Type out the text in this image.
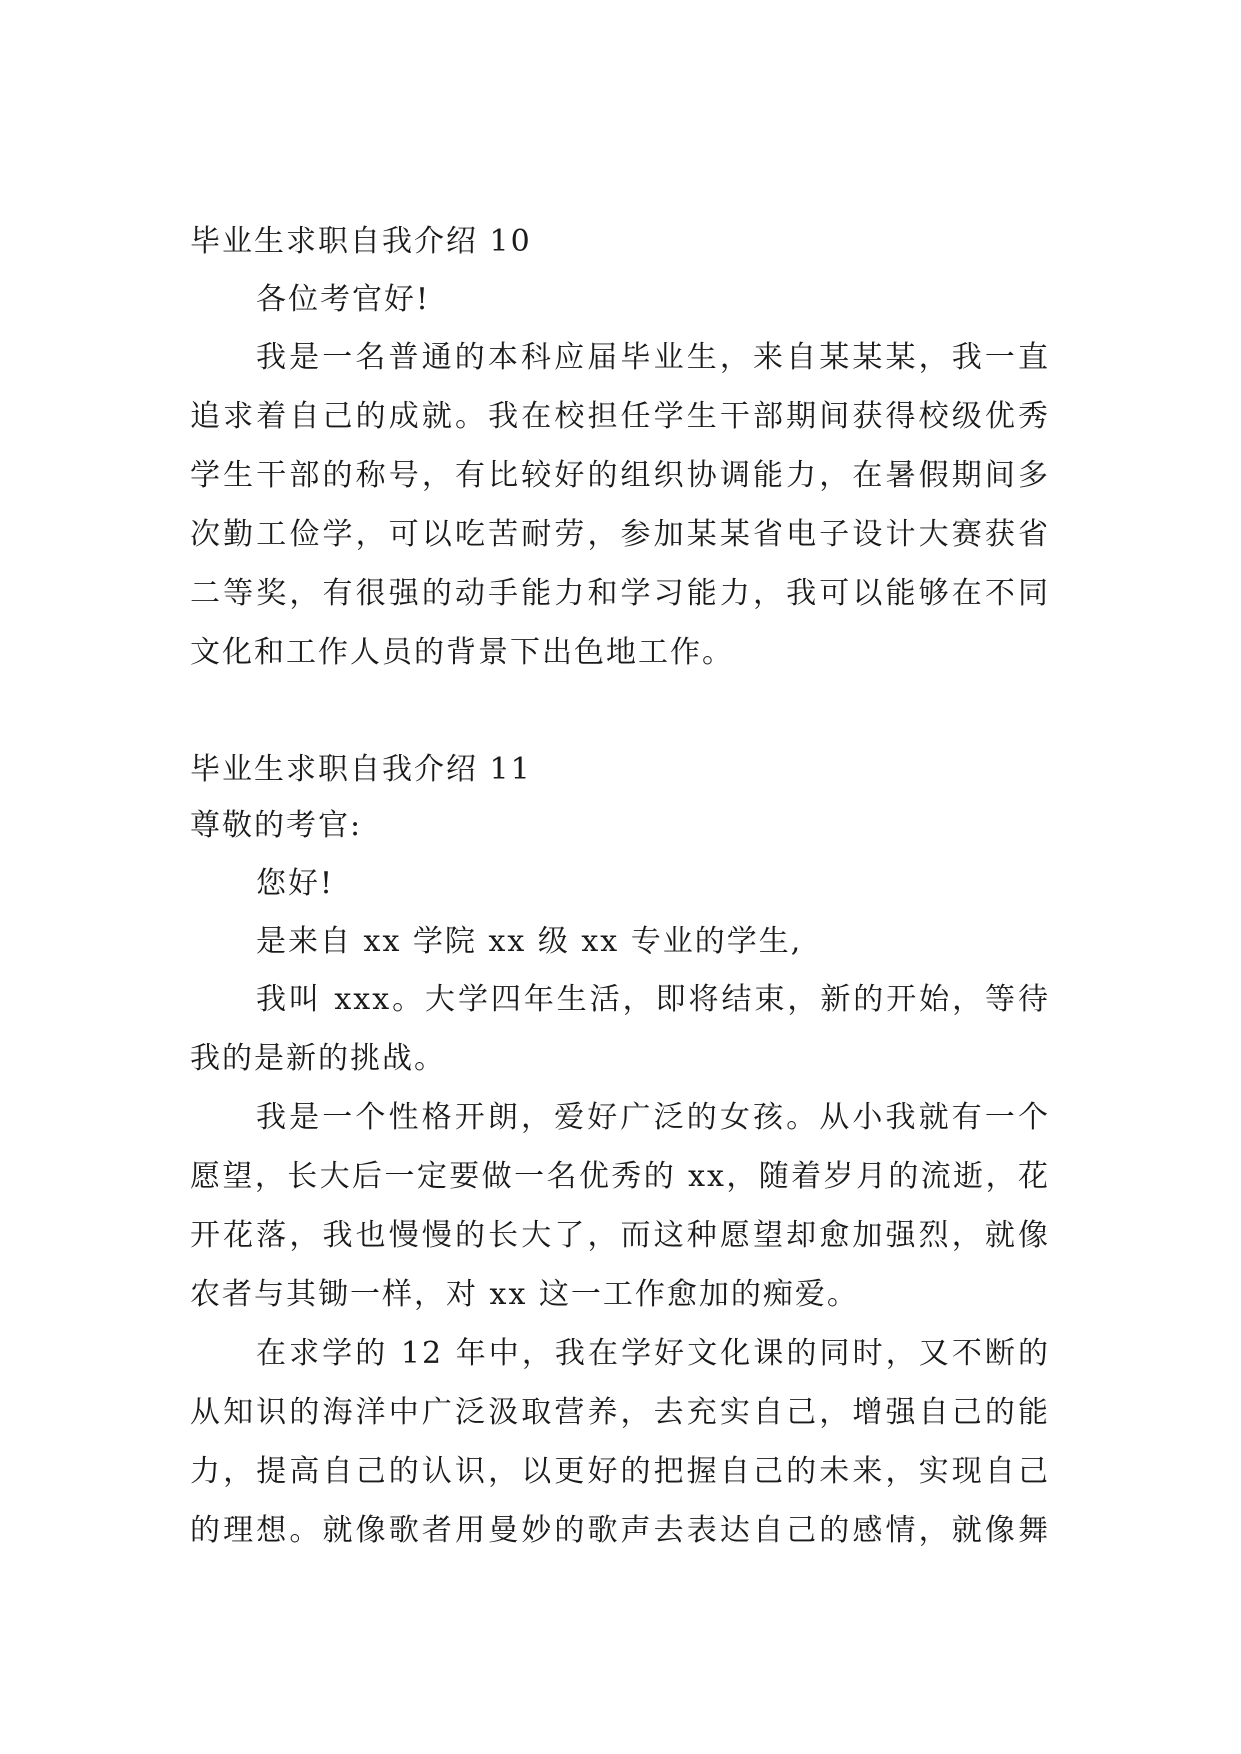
毕业生求职自我介绍 10
各位考官好!
我是一名普通的本科应届毕业生，来自某某某，我一直
追求着自己的成就。我在校担任学生干部期间获得校级优秀
学生干部的称号，有比较好的组织协调能力，在暑假期间多
次勤工俭学，可以吃苦耐劳，参加某某省电子设计大赛获省
二等奖，有很强的动手能力和学习能力，我可以能够在不同
文化和工作人员的背景下出色地工作。
毕业生求职自我介绍 11
尊敬的考官:
您好!
是来自 xx 学院 xx 级 xx 专业的学生,
我叫 xxx。大学四年生活，即将结束，新的开始，等待
我的是新的挑战。
我是一个性格开朗，爱好广泛的女孩。从小我就有一个
愿望，长大后一定要做一名优秀的 xx，随着岁月的流逝，花
开花落，我也慢慢的长大了，而这种愿望却愈加强烈，就像
农者与其锄一样，对 xx 这一工作愈加的痴爱。
在求学的 12 年中，我在学好文化课的同时，又不断的
从知识的海洋中广泛汲取营养，去充实自己，增强自己的能
力，提高自己的认识，以更好的把握自己的未来，实现自己
的理想。就像歌者用曼妙的歌声去表达自己的感情，就像舞
